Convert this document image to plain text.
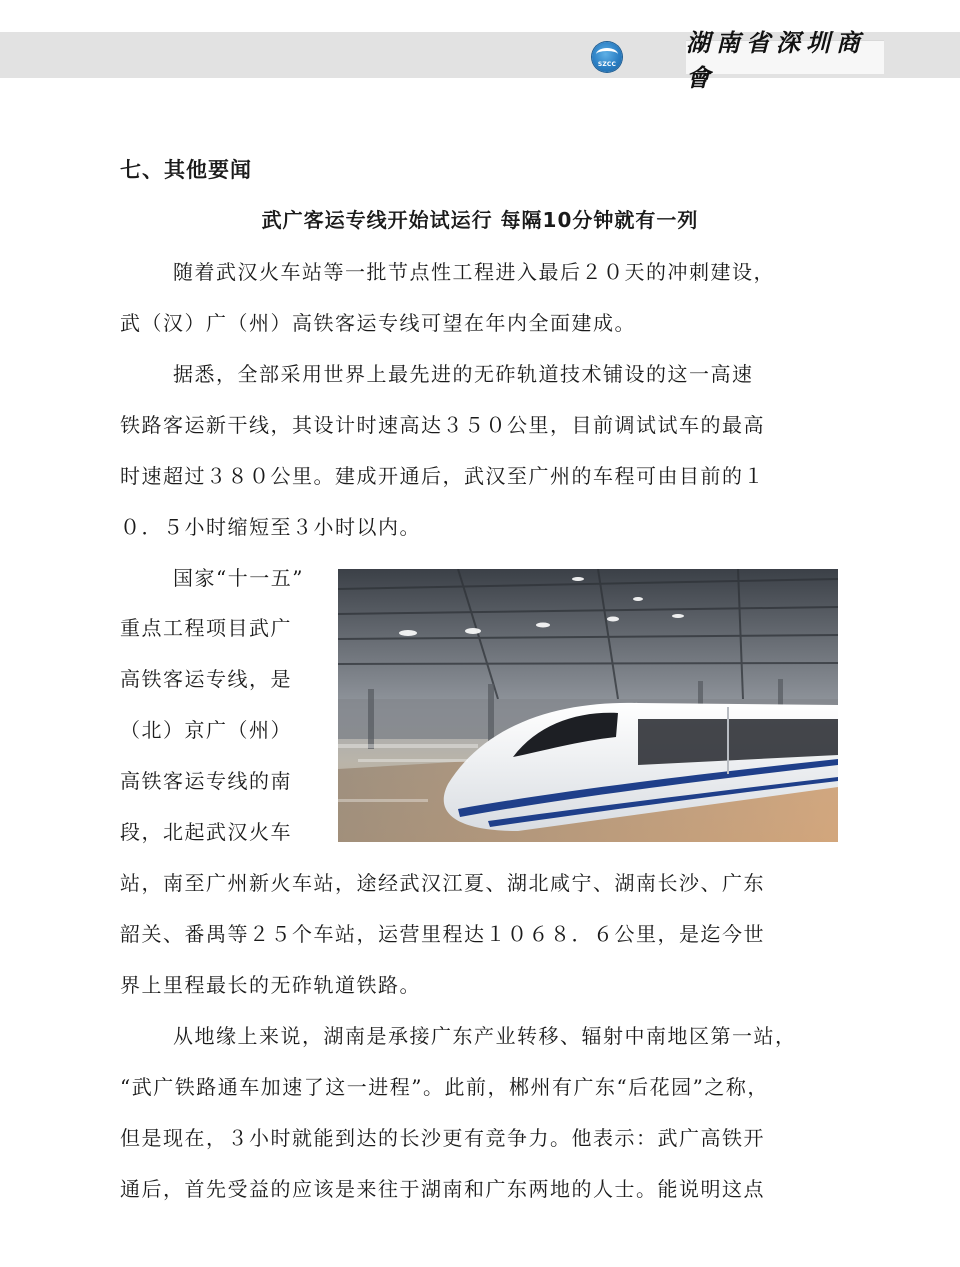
SZCC
湖南省深圳商會
七、其他要闻
武广客运专线开始试运行 每隔10分钟就有一列
随着武汉火车站等一批节点性工程进入最后２０天的冲刺建设，
武（汉）广（州）高铁客运专线可望在年内全面建成。
据悉，全部采用世界上最先进的无砟轨道技术铺设的这一高速
铁路客运新干线，其设计时速高达３５０公里，目前调试试车的最高
时速超过３８０公里。建成开通后，武汉至广州的车程可由目前的１
０．５小时缩短至３小时以内。
国家“十一五”
重点工程项目武广
高铁客运专线，是
（北）京广（州）
高铁客运专线的南
段，北起武汉火车
站，南至广州新火车站，途经武汉江夏、湖北咸宁、湖南长沙、广东
韶关、番禺等２５个车站，运营里程达１０６８．６公里，是迄今世
界上里程最长的无砟轨道铁路。
从地缘上来说，湖南是承接广东产业转移、辐射中南地区第一站，
“武广铁路通车加速了这一进程”。此前，郴州有广东“后花园”之称，
但是现在，３小时就能到达的长沙更有竞争力。他表示：武广高铁开
通后，首先受益的应该是来往于湖南和广东两地的人士。能说明这点
